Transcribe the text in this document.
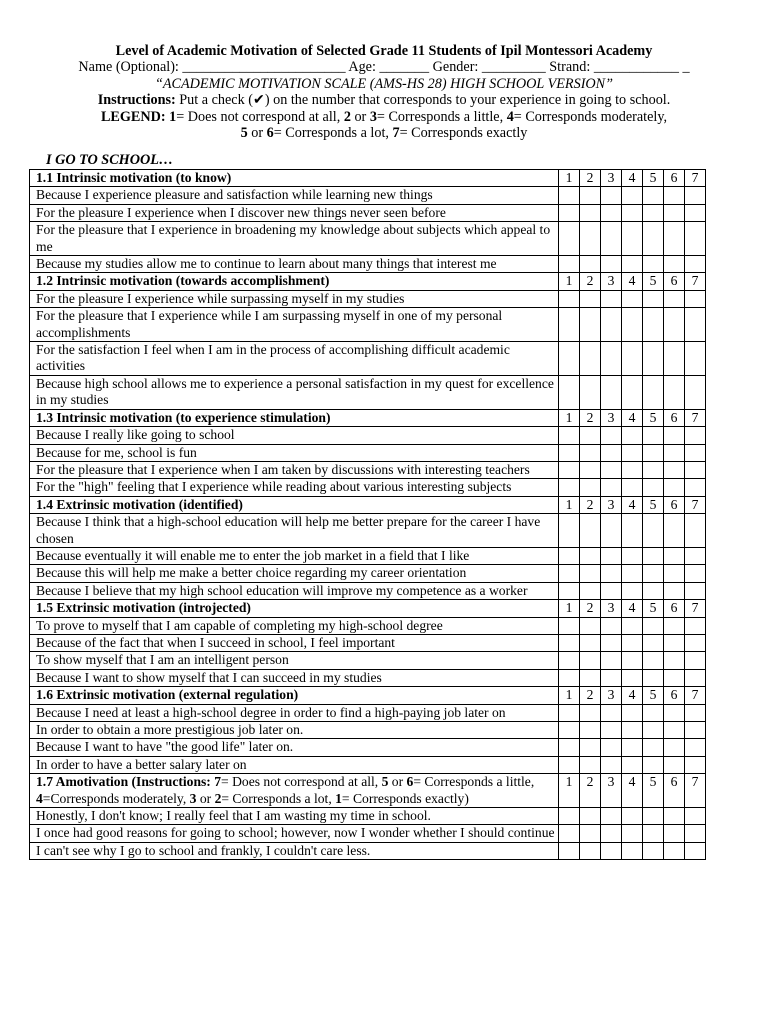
Level of Academic Motivation of Selected Grade 11 Students of Ipil Montessori Academy
Name (Optional): _______________________ Age: _______ Gender: _________ Strand: ____________ _
“ACADEMIC MOTIVATION SCALE (AMS-HS 28) HIGH SCHOOL VERSION”
Instructions: Put a check (✔) on the number that corresponds to your experience in going to school.
LEGEND: 1= Does not correspond at all, 2 or 3= Corresponds a little, 4= Corresponds moderately,
5 or 6= Corresponds a lot, 7= Corresponds exactly
I GO TO SCHOOL…
1.1 Intrinsic motivation (to know)	1	2	3	4	5	6	7
Because I experience pleasure and satisfaction while learning new things							
For the pleasure I experience when I discover new things never seen before							
For the pleasure that I experience in broadening my knowledge about subjects which appeal to me							
Because my studies allow me to continue to learn about many things that interest me							
1.2 Intrinsic motivation (towards accomplishment)	1	2	3	4	5	6	7
For the pleasure I experience while surpassing myself in my studies							
For the pleasure that I experience while I am surpassing myself in one of my personal accomplishments							
For the satisfaction I feel when I am in the process of accomplishing difficult academic activities							
Because high school allows me to experience a personal satisfaction in my quest for excellence in my studies							
1.3 Intrinsic motivation (to experience stimulation)	1	2	3	4	5	6	7
Because I really like going to school							
Because for me, school is fun							
For the pleasure that I experience when I am taken by discussions with interesting teachers							
For the "high" feeling that I experience while reading about various interesting subjects							
1.4 Extrinsic motivation (identified)	1	2	3	4	5	6	7
Because I think that a high-school education will help me better prepare for the career I have chosen							
Because eventually it will enable me to enter the job market in a field that I like							
Because this will help me make a better choice regarding my career orientation							
Because I believe that my high school education will improve my competence as a worker							
1.5 Extrinsic motivation (introjected)	1	2	3	4	5	6	7
To prove to myself that I am capable of completing my high-school degree							
Because of the fact that when I succeed in school, I feel important							
To show myself that I am an intelligent person							
Because I want to show myself that I can succeed in my studies							
1.6 Extrinsic motivation (external regulation)	1	2	3	4	5	6	7
Because I need at least a high-school degree in order to find a high-paying job later on							
In order to obtain a more prestigious job later on.							
Because I want to have "the good life" later on.							
In order to have a better salary later on							
1.7 Amotivation (Instructions: 7= Does not correspond at all, 5 or 6= Corresponds a little, 4=Corresponds moderately, 3 or 2= Corresponds a lot, 1= Corresponds exactly)	1	2	3	4	5	6	7
Honestly, I don't know; I really feel that I am wasting my time in school.							
I once had good reasons for going to school; however, now I wonder whether I should continue							
I can't see why I go to school and frankly, I couldn't care less.							
